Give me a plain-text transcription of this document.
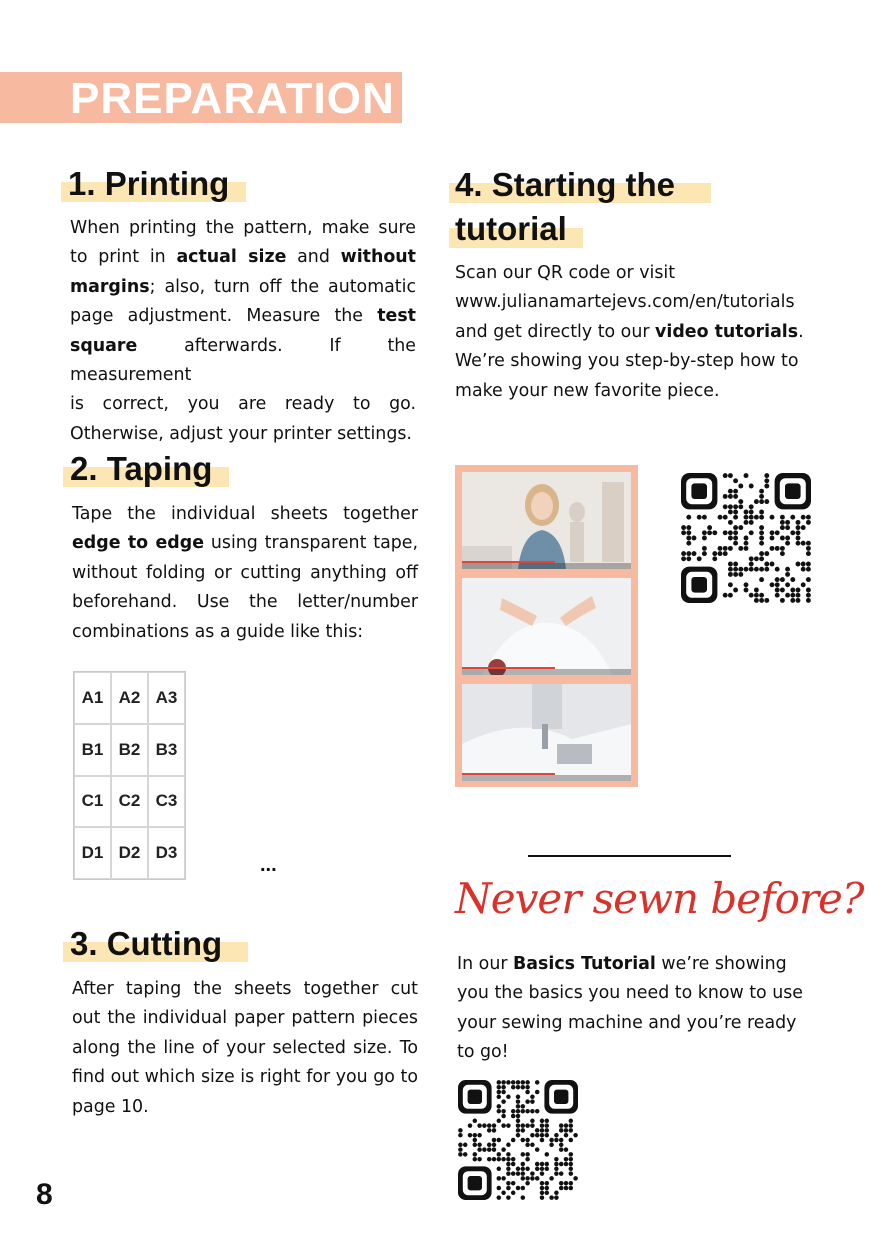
PREPARATION
1. Printing
When printing the pattern, make sure
to print in actual size and without
margins; also, turn off the automatic
page adjustment. Measure the test
square afterwards. If the measurement
is correct, you are ready to go.
Otherwise, adjust your printer settings.
2. Taping
Tape the individual sheets together
edge to edge using transparent tape,
without folding or cutting anything off
beforehand. Use the letter/number
combinations as a guide like this:
A1 A2 A3
B1 B2 B3
C1 C2 C3
D1 D2 D3
...
3. Cutting
After taping the sheets together cut
out the individual paper pattern pieces
along the line of your selected size. To
find out which size is right for you go to
page 10.
4. Starting the
tutorial
Scan our QR code or visit
www.julianamartejevs.com/en/tutorials
and get directly to our video tutorials.
We’re showing you step-by-step how to
make your new favorite piece.
Never sewn before?
In our Basics Tutorial we’re showing
you the basics you need to know to use
your sewing machine and you’re ready
to go!
8
